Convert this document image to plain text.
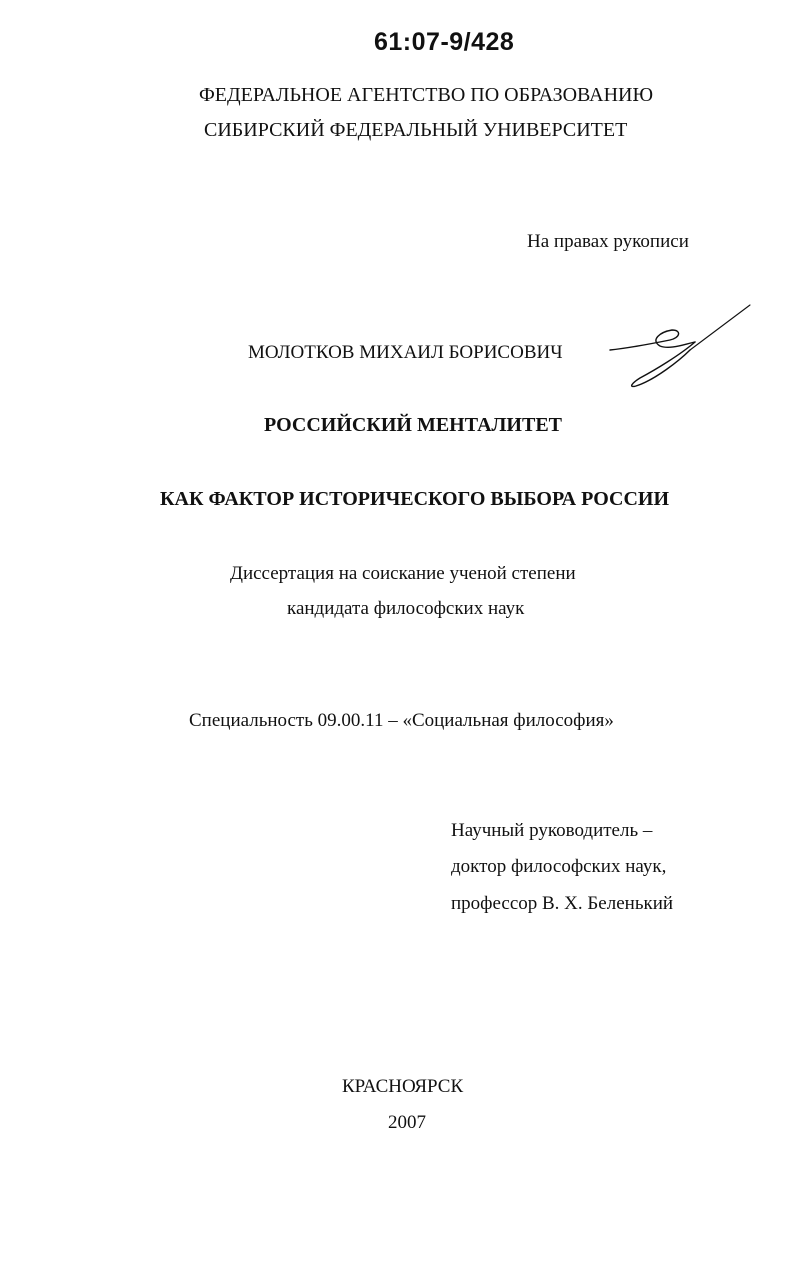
61:07-9/428
ФЕДЕРАЛЬНОЕ АГЕНТСТВО ПО ОБРАЗОВАНИЮ
СИБИРСКИЙ ФЕДЕРАЛЬНЫЙ УНИВЕРСИТЕТ
На правах рукописи
МОЛОТКОВ МИХАИЛ БОРИСОВИЧ
РОССИЙСКИЙ МЕНТАЛИТЕТ
КАК ФАКТОР ИСТОРИЧЕСКОГО ВЫБОРА РОССИИ
Диссертация на соискание ученой степени
кандидата философских наук
Специальность 09.00.11 – «Социальная философия»
Научный руководитель –
доктор философских наук,
профессор В. Х. Беленький
КРАСНОЯРСК
2007
